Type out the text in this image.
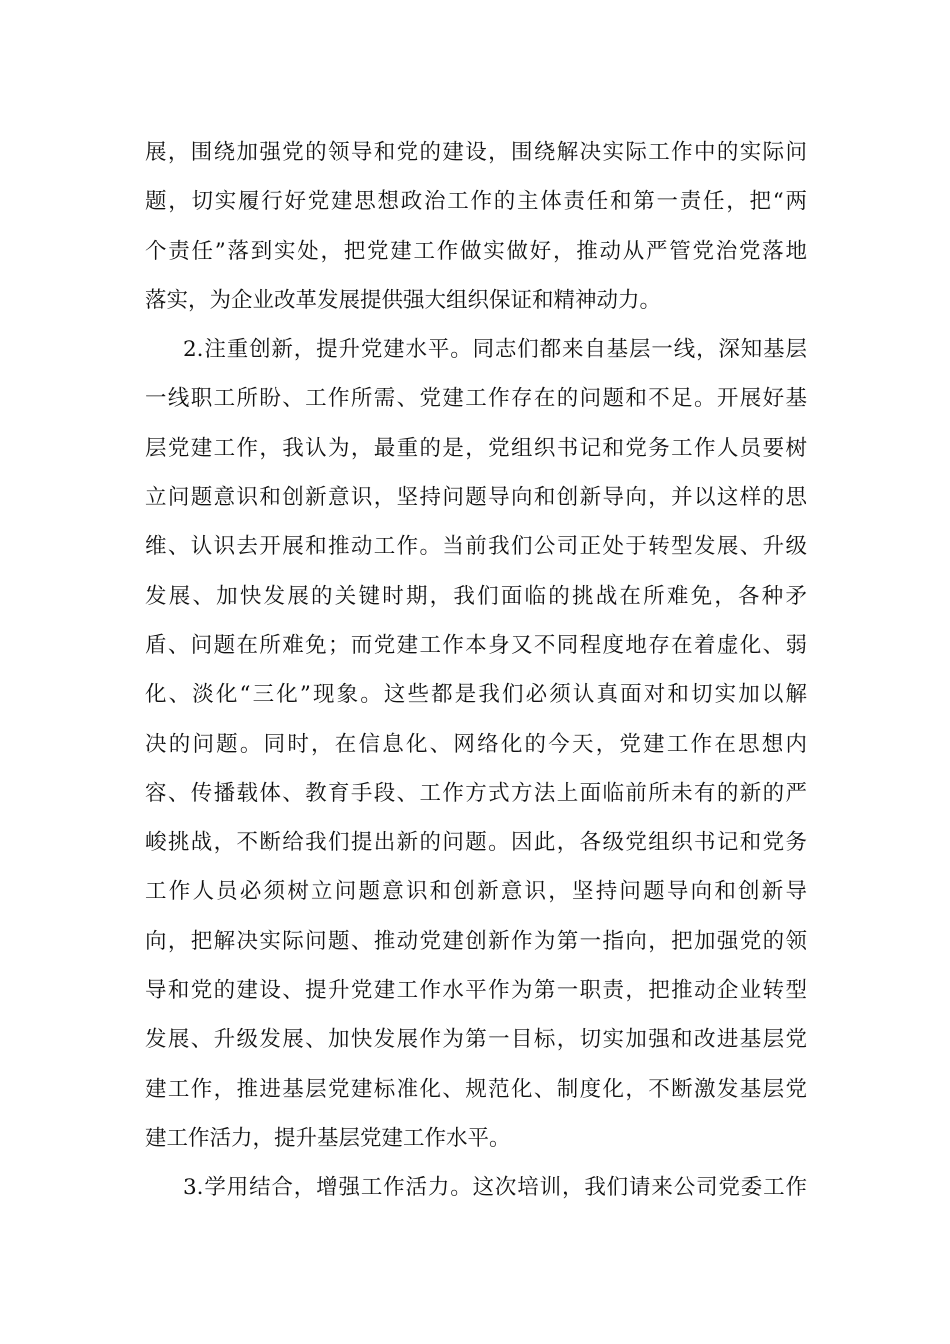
展，围绕加强党的领导和党的建设，围绕解决实际工作中的实际问
题，切实履行好党建思想政治工作的主体责任和第一责任，把“两
个责任”落到实处，把党建工作做实做好，推动从严管党治党落地
落实，为企业改革发展提供强大组织保证和精神动力。
2.注重创新，提升党建水平。同志们都来自基层一线，深知基层
一线职工所盼、工作所需、党建工作存在的问题和不足。开展好基
层党建工作，我认为，最重的是，党组织书记和党务工作人员要树
立问题意识和创新意识，坚持问题导向和创新导向，并以这样的思
维、认识去开展和推动工作。当前我们公司正处于转型发展、升级
发展、加快发展的关键时期，我们面临的挑战在所难免，各种矛
盾、问题在所难免；而党建工作本身又不同程度地存在着虚化、弱
化、淡化“三化”现象。这些都是我们必须认真面对和切实加以解
决的问题。同时，在信息化、网络化的今天，党建工作在思想内
容、传播载体、教育手段、工作方式方法上面临前所未有的新的严
峻挑战，不断给我们提出新的问题。因此，各级党组织书记和党务
工作人员必须树立问题意识和创新意识，坚持问题导向和创新导
向，把解决实际问题、推动党建创新作为第一指向，把加强党的领
导和党的建设、提升党建工作水平作为第一职责，把推动企业转型
发展、升级发展、加快发展作为第一目标，切实加强和改进基层党
建工作，推进基层党建标准化、规范化、制度化，不断激发基层党
建工作活力，提升基层党建工作水平。
3.学用结合，增强工作活力。这次培训，我们请来公司党委工作
